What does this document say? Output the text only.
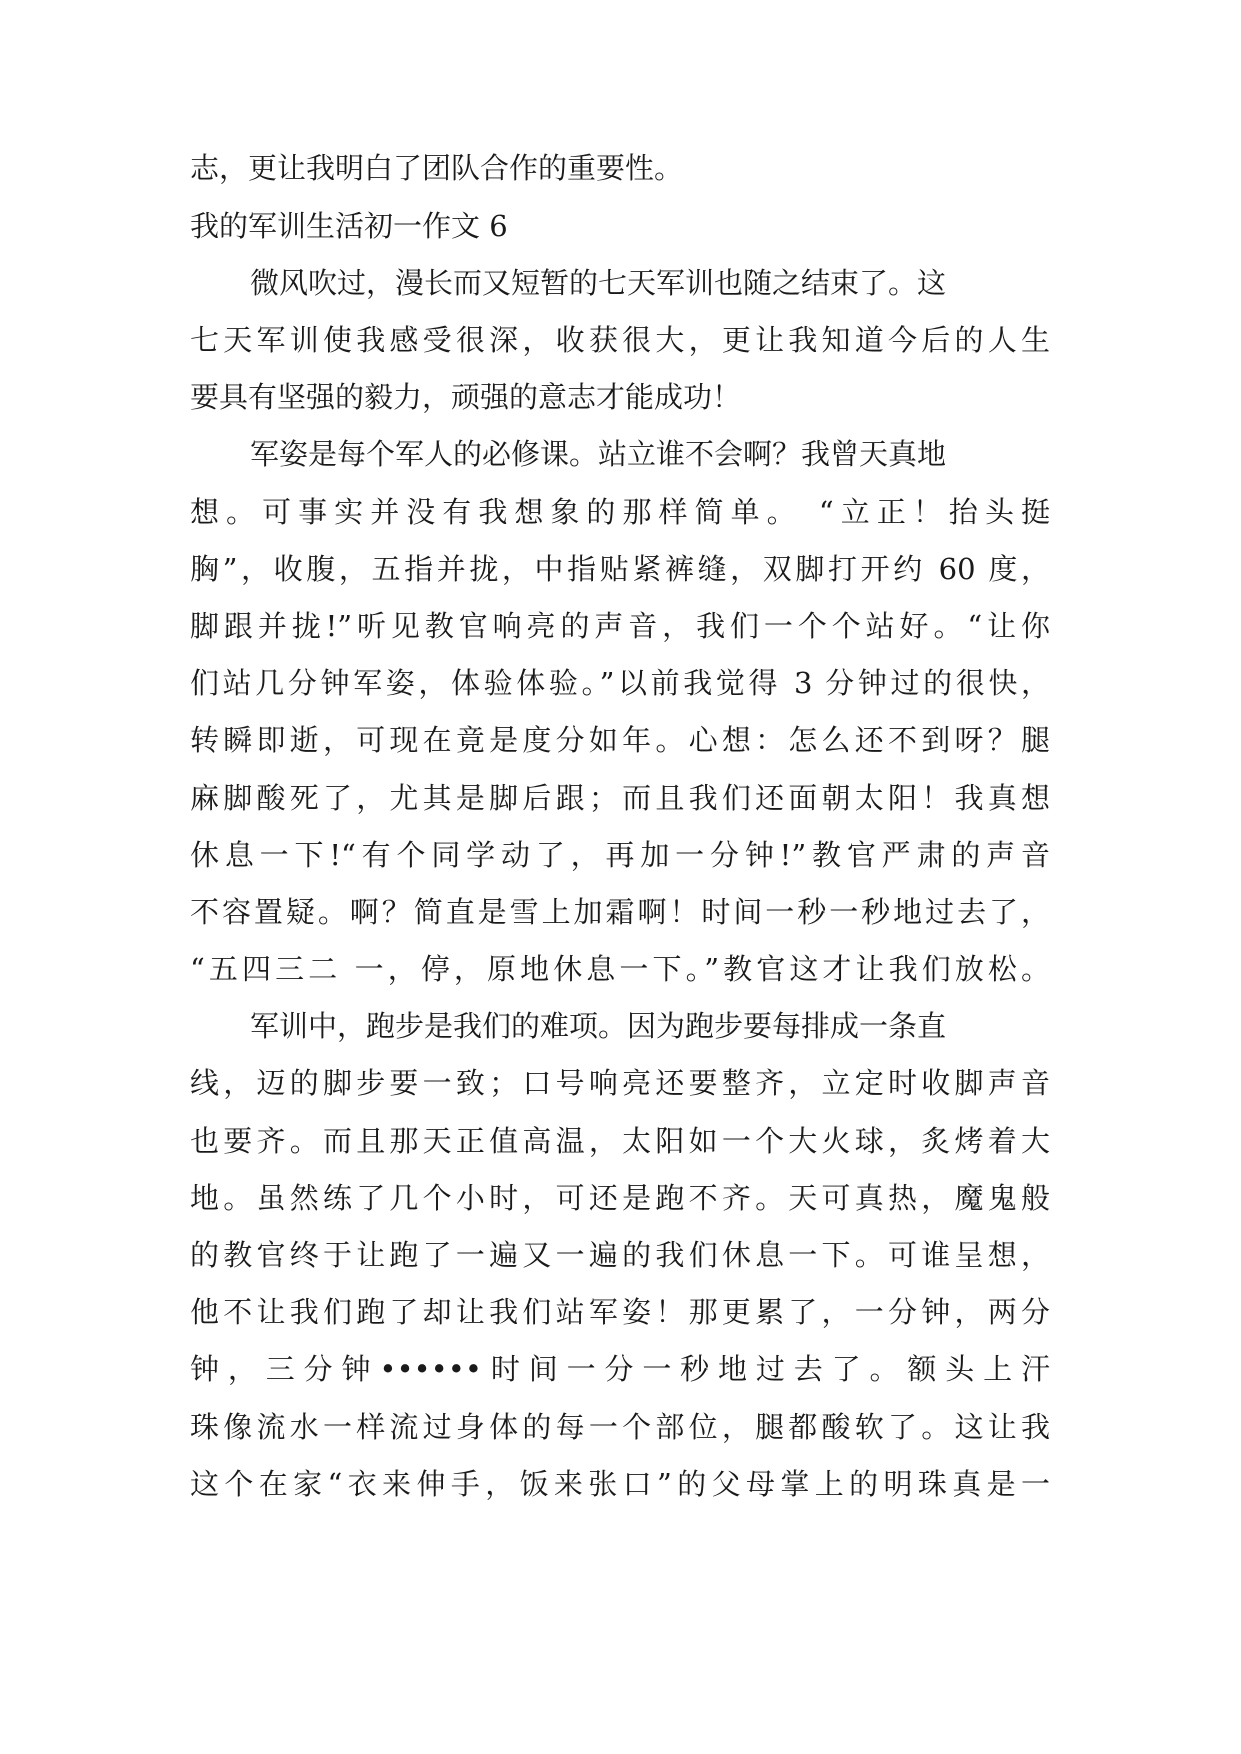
志，更让我明白了团队合作的重要性。
我的军训生活初一作文 6
微风吹过，漫长而又短暂的七天军训也随之结束了。这
七天军训使我感受很深，收获很大，更让我知道今后的人生
要具有坚强的毅力，顽强的意志才能成功！
军姿是每个军人的必修课。站立谁不会啊？我曾天真地
想。可事实并没有我想象的那样简单。 “立正！抬头挺
胸”，收腹，五指并拢，中指贴紧裤缝，双脚打开约 60 度，
脚跟并拢!”听见教官响亮的声音，我们一个个站好。“让你
们站几分钟军姿，体验体验。”以前我觉得 3 分钟过的很快，
转瞬即逝，可现在竟是度分如年。心想：怎么还不到呀？腿
麻脚酸死了，尤其是脚后跟；而且我们还面朝太阳！我真想
休息一下!“有个同学动了，再加一分钟!”教官严肃的声音
不容置疑。啊？简直是雪上加霜啊！时间一秒一秒地过去了，
“五四三二 一，停，原地休息一下。”教官这才让我们放松。
军训中，跑步是我们的难项。因为跑步要每排成一条直
线，迈的脚步要一致；口号响亮还要整齐，立定时收脚声音
也要齐。而且那天正值高温，太阳如一个大火球，炙烤着大
地。虽然练了几个小时，可还是跑不齐。天可真热，魔鬼般
的教官终于让跑了一遍又一遍的我们休息一下。可谁呈想，
他不让我们跑了却让我们站军姿！那更累了，一分钟，两分
钟，三分钟••••••时间一分一秒地过去了。额头上汗
珠像流水一样流过身体的每一个部位，腿都酸软了。这让我
这个在家“衣来伸手，饭来张口”的父母掌上的明珠真是一
